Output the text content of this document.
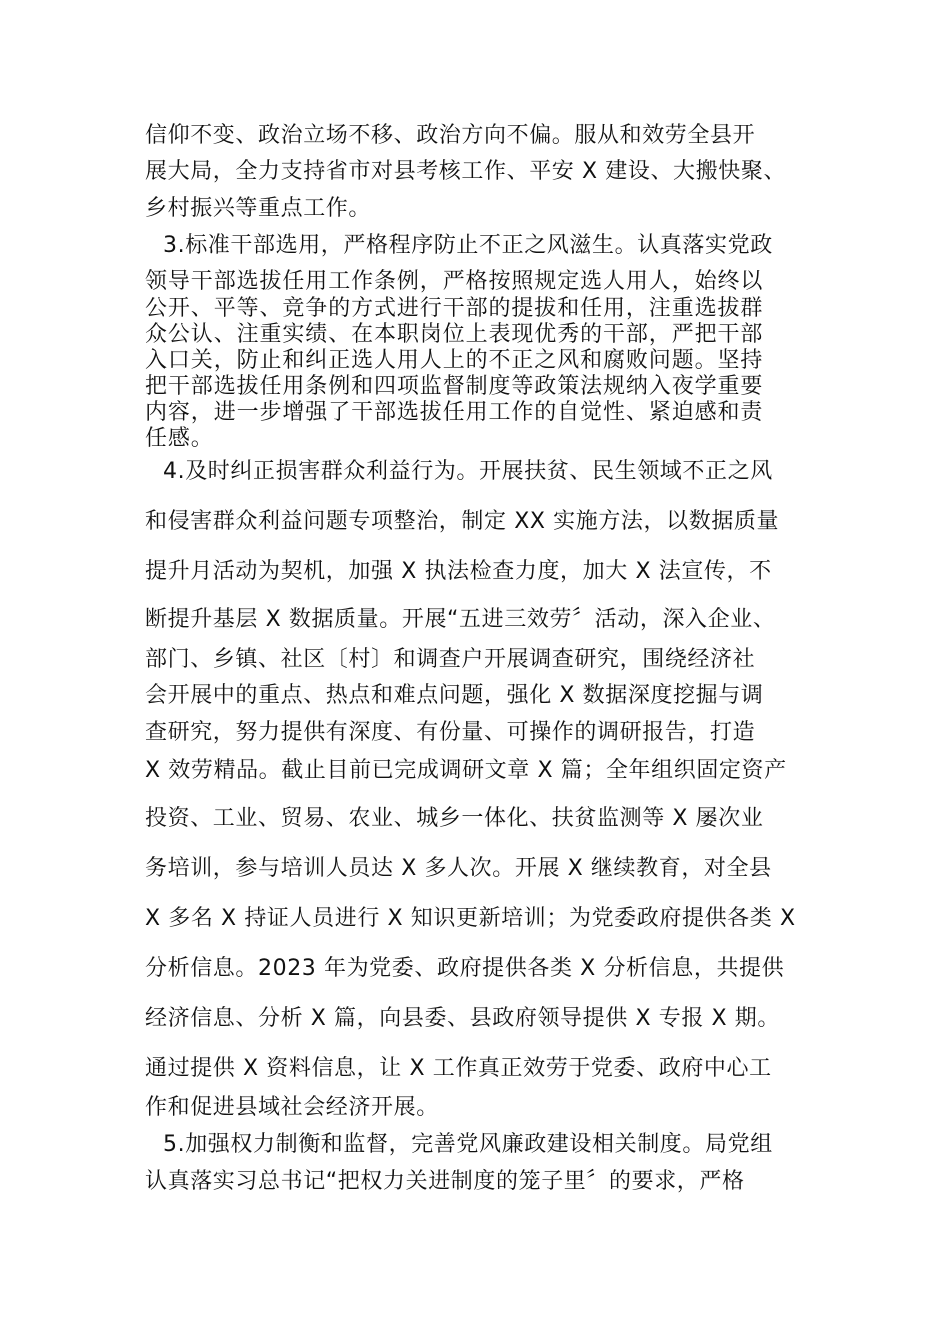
信仰不变、政治立场不移、政治方向不偏。服从和效劳全县开
展大局，全力支持省市对县考核工作、平安 X 建设、大搬快聚、
乡村振兴等重点工作。
3.标准干部选用，严格程序防止不正之风滋生。认真落实党政
领导干部选拔任用工作条例，严格按照规定选人用人，始终以
公开、平等、竞争的方式进行干部的提拔和任用，注重选拔群
众公认、注重实绩、在本职岗位上表现优秀的干部，严把干部
入口关，防止和纠正选人用人上的不正之风和腐败问题。坚持
把干部选拔任用条例和四项监督制度等政策法规纳入夜学重要
内容，进一步增强了干部选拔任用工作的自觉性、紧迫感和责
任感。
4.及时纠正损害群众利益行为。开展扶贫、民生领域不正之风
和侵害群众利益问题专项整治，制定 XX 实施方法，以数据质量
提升月活动为契机，加强 X 执法检查力度，加大 X 法宣传，不
断提升基层 X 数据质量。开展“五进三效劳〞活动，深入企业、
部门、乡镇、社区〔村〕和调查户开展调查研究，围绕经济社
会开展中的重点、热点和难点问题，强化 X 数据深度挖掘与调
查研究，努力提供有深度、有份量、可操作的调研报告，打造
X 效劳精品。截止目前已完成调研文章 X 篇；全年组织固定资产
投资、工业、贸易、农业、城乡一体化、扶贫监测等 X 屡次业
务培训，参与培训人员达 X 多人次。开展 X 继续教育，对全县
X 多名 X 持证人员进行 X 知识更新培训；为党委政府提供各类 X
分析信息。2023 年为党委、政府提供各类 X 分析信息，共提供
经济信息、分析 X 篇，向县委、县政府领导提供 X 专报 X 期。
通过提供 X 资料信息，让 X 工作真正效劳于党委、政府中心工
作和促进县域社会经济开展。
5.加强权力制衡和监督，完善党风廉政建设相关制度。局党组
认真落实习总书记“把权力关进制度的笼子里〞的要求，严格
